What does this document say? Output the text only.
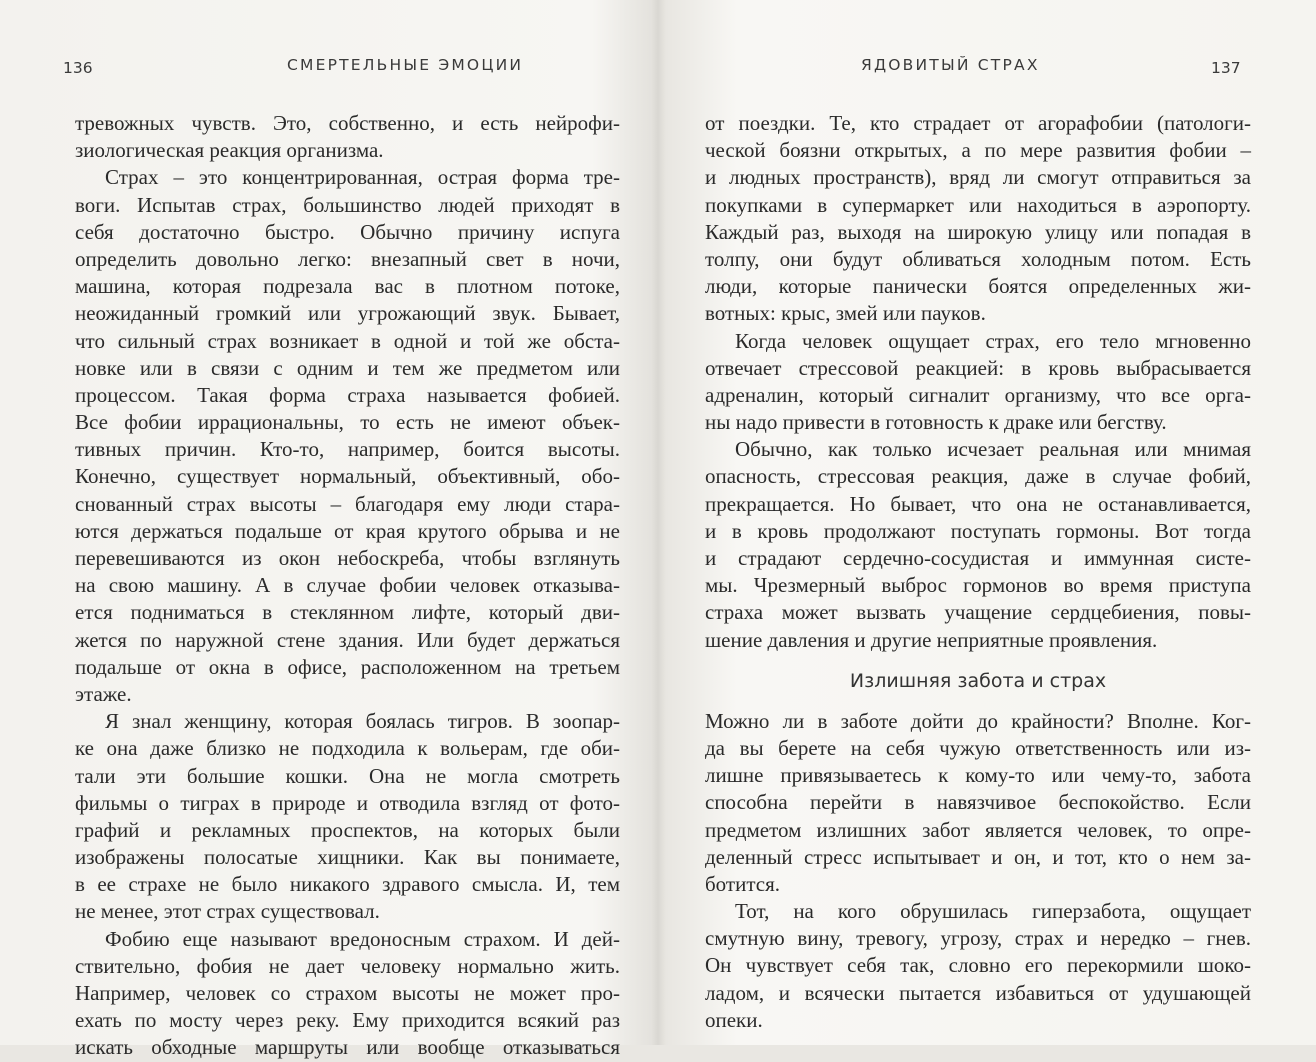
136	СМЕРТЕЛЬНЫЕ ЭМОЦИИ
тревожных чувств. Это, собственно, и есть нейрофи-
зиологическая реакция организма.
Страх – это концентрированная, острая форма тре-
воги. Испытав страх, большинство людей приходят в
себя достаточно быстро. Обычно причину испуга
определить довольно легко: внезапный свет в ночи,
машина, которая подрезала вас в плотном потоке,
неожиданный громкий или угрожающий звук. Бывает,
что сильный страх возникает в одной и той же обста-
новке или в связи с одним и тем же предметом или
процессом. Такая форма страха называется фобией.
Все фобии иррациональны, то есть не имеют объек-
тивных причин. Кто-то, например, боится высоты.
Конечно, существует нормальный, объективный, обо-
снованный страх высоты – благодаря ему люди стара-
ются держаться подальше от края крутого обрыва и не
перевешиваются из окон небоскреба, чтобы взглянуть
на свою машину. А в случае фобии человек отказыва-
ется подниматься в стеклянном лифте, который дви-
жется по наружной стене здания. Или будет держаться
подальше от окна в офисе, расположенном на третьем
этаже.
Я знал женщину, которая боялась тигров. В зоопар-
ке она даже близко не подходила к вольерам, где оби-
тали эти большие кошки. Она не могла смотреть
фильмы о тиграх в природе и отводила взгляд от фото-
графий и рекламных проспектов, на которых были
изображены полосатые хищники. Как вы понимаете,
в ее страхе не было никакого здравого смысла. И, тем
не менее, этот страх существовал.
Фобию еще называют вредоносным страхом. И дей-
ствительно, фобия не дает человеку нормально жить.
Например, человек со страхом высоты не может про-
ехать по мосту через реку. Ему приходится всякий раз
искать обходные маршруты или вообще отказываться
ЯДОВИТЫЙ СТРАХ	137
от поездки. Те, кто страдает от агорафобии (патологи-
ческой боязни открытых, а по мере развития фобии –
и людных пространств), вряд ли смогут отправиться за
покупками в супермаркет или находиться в аэропорту.
Каждый раз, выходя на широкую улицу или попадая в
толпу, они будут обливаться холодным потом. Есть
люди, которые панически боятся определенных жи-
вотных: крыс, змей или пауков.
Когда человек ощущает страх, его тело мгновенно
отвечает стрессовой реакцией: в кровь выбрасывается
адреналин, который сигналит организму, что все орга-
ны надо привести в готовность к драке или бегству.
Обычно, как только исчезает реальная или мнимая
опасность, стрессовая реакция, даже в случае фобий,
прекращается. Но бывает, что она не останавливается,
и в кровь продолжают поступать гормоны. Вот тогда
и страдают сердечно-сосудистая и иммунная систе-
мы. Чрезмерный выброс гормонов во время приступа
страха может вызвать учащение сердцебиения, повы-
шение давления и другие неприятные проявления.
Излишняя забота и страх
Можно ли в заботе дойти до крайности? Вполне. Ког-
да вы берете на себя чужую ответственность или из-
лишне привязываетесь к кому-то или чему-то, забота
способна перейти в навязчивое беспокойство. Если
предметом излишних забот является человек, то опре-
деленный стресс испытывает и он, и тот, кто о нем за-
ботится.
Тот, на кого обрушилась гиперзабота, ощущает
смутную вину, тревогу, угрозу, страх и нередко – гнев.
Он чувствует себя так, словно его перекормили шоко-
ладом, и всячески пытается избавиться от удушающей
опеки.
